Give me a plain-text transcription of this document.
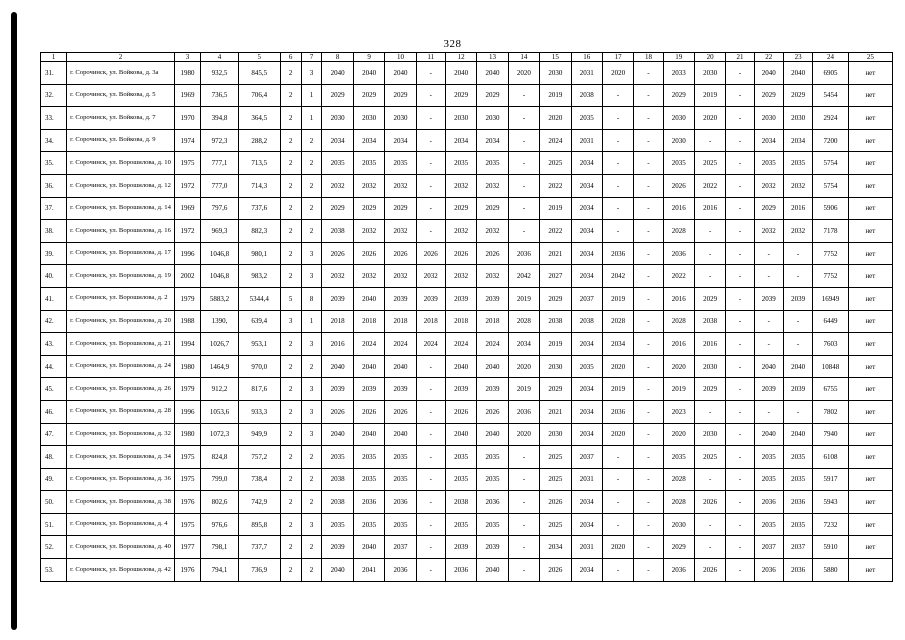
328
1	2	3	4	5	6	7	8	9	10	11	12	13	14	15	16	17	18	19	20	21	22	23	24	25
31.	г. Сорочинск, ул. Войкова, д. 3а	1980	932,5	845,5	2	3	2040	2040	2040	-	2040	2040	2020	2030	2031	2020	-	2033	2030	-	2040	2040	6905	нет
32.	г. Сорочинск, ул. Войкова, д. 5	1969	736,5	706,4	2	1	2029	2029	2029	-	2029	2029	-	2019	2038	-	-	2029	2019	-	2029	2029	5454	нет
33.	г. Сорочинск, ул. Войкова, д. 7	1970	394,8	364,5	2	1	2030	2030	2030	-	2030	2030	-	2020	2035	-	-	2030	2020	-	2030	2030	2924	нет
34.	г. Сорочинск, ул. Войкова, д. 9	1974	972,3	288,2	2	2	2034	2034	2034	-	2034	2034	-	2024	2031	-	-	2030	-	-	2034	2034	7200	нет
35.	г. Сорочинск, ул. Ворошилова, д. 10	1975	777,1	713,5	2	2	2035	2035	2035	-	2035	2035	-	2025	2034	-	-	2035	2025	-	2035	2035	5754	нет
36.	г. Сорочинск, ул. Ворошилова, д. 12	1972	777,0	714,3	2	2	2032	2032	2032	-	2032	2032	-	2022	2034	-	-	2026	2022	-	2032	2032	5754	нет
37.	г. Сорочинск, ул. Ворошилова, д. 14	1969	797,6	737,6	2	2	2029	2029	2029	-	2029	2029	-	2019	2034	-	-	2016	2016	-	2029	2016	5906	нет
38.	г. Сорочинск, ул. Ворошилова, д. 16	1972	969,3	882,3	2	2	2038	2032	2032	-	2032	2032	-	2022	2034	-	-	2028	-	-	2032	2032	7178	нет
39.	г. Сорочинск, ул. Ворошилова, д. 17	1996	1046,8	980,1	2	3	2026	2026	2026	2026	2026	2026	2036	2021	2034	2036	-	2036	-	-	-	-	7752	нет
40.	г. Сорочинск, ул. Ворошилова, д. 19	2002	1046,8	983,2	2	3	2032	2032	2032	2032	2032	2032	2042	2027	2034	2042	-	2022	-	-	-	-	7752	нет
41.	г. Сорочинск, ул. Ворошилова, д. 2	1979	5883,2	5344,4	5	8	2039	2040	2039	2039	2039	2039	2019	2029	2037	2019	-	2016	2029	-	2039	2039	16949	нет
42.	г. Сорочинск, ул. Ворошилова, д. 20	1988	1390,	639,4	3	1	2018	2018	2018	2018	2018	2018	2028	2038	2038	2028	-	2028	2038	-	-	-	6449	нет
43.	г. Сорочинск, ул. Ворошилова, д. 21	1994	1026,7	953,1	2	3	2016	2024	2024	2024	2024	2024	2034	2019	2034	2034	-	2016	2016	-	-	-	7603	нет
44.	г. Сорочинск, ул. Ворошилова, д. 24	1980	1464,9	970,0	2	2	2040	2040	2040	-	2040	2040	2020	2030	2035	2020	-	2020	2030	-	2040	2040	10848	нет
45.	г. Сорочинск, ул. Ворошилова, д. 26	1979	912,2	817,6	2	3	2039	2039	2039	-	2039	2039	2019	2029	2034	2019	-	2019	2029	-	2039	2039	6755	нет
46.	г. Сорочинск, ул. Ворошилова, д. 28	1996	1053,6	933,3	2	3	2026	2026	2026	-	2026	2026	2036	2021	2034	2036	-	2023	-	-	-	-	7802	нет
47.	г. Сорочинск, ул. Ворошилова, д. 32	1980	1072,3	949,9	2	3	2040	2040	2040	-	2040	2040	2020	2030	2034	2020	-	2020	2030	-	2040	2040	7940	нет
48.	г. Сорочинск, ул. Ворошилова, д. 34	1975	824,8	757,2	2	2	2035	2035	2035	-	2035	2035	-	2025	2037	-	-	2035	2025	-	2035	2035	6108	нет
49.	г. Сорочинск, ул. Ворошилова, д. 36	1975	799,0	738,4	2	2	2038	2035	2035	-	2035	2035	-	2025	2031	-	-	2028	-	-	2035	2035	5917	нет
50.	г. Сорочинск, ул. Ворошилова, д. 38	1976	802,6	742,9	2	2	2038	2036	2036	-	2038	2036	-	2026	2034	-	-	2028	2026	-	2036	2036	5943	нет
51.	г. Сорочинск, ул. Ворошилова, д. 4	1975	976,6	895,8	2	3	2035	2035	2035	-	2035	2035	-	2025	2034	-	-	2030	-	-	2035	2035	7232	нет
52.	г. Сорочинск, ул. Ворошилова, д. 40	1977	798,1	737,7	2	2	2039	2040	2037	-	2039	2039	-	2034	2031	2020	-	2029	-	-	2037	2037	5910	нет
53.	г. Сорочинск, ул. Ворошилова, д. 42	1976	794,1	736,9	2	2	2040	2041	2036	-	2036	2040	-	2026	2034	-	-	2036	2026	-	2036	2036	5880	нет
